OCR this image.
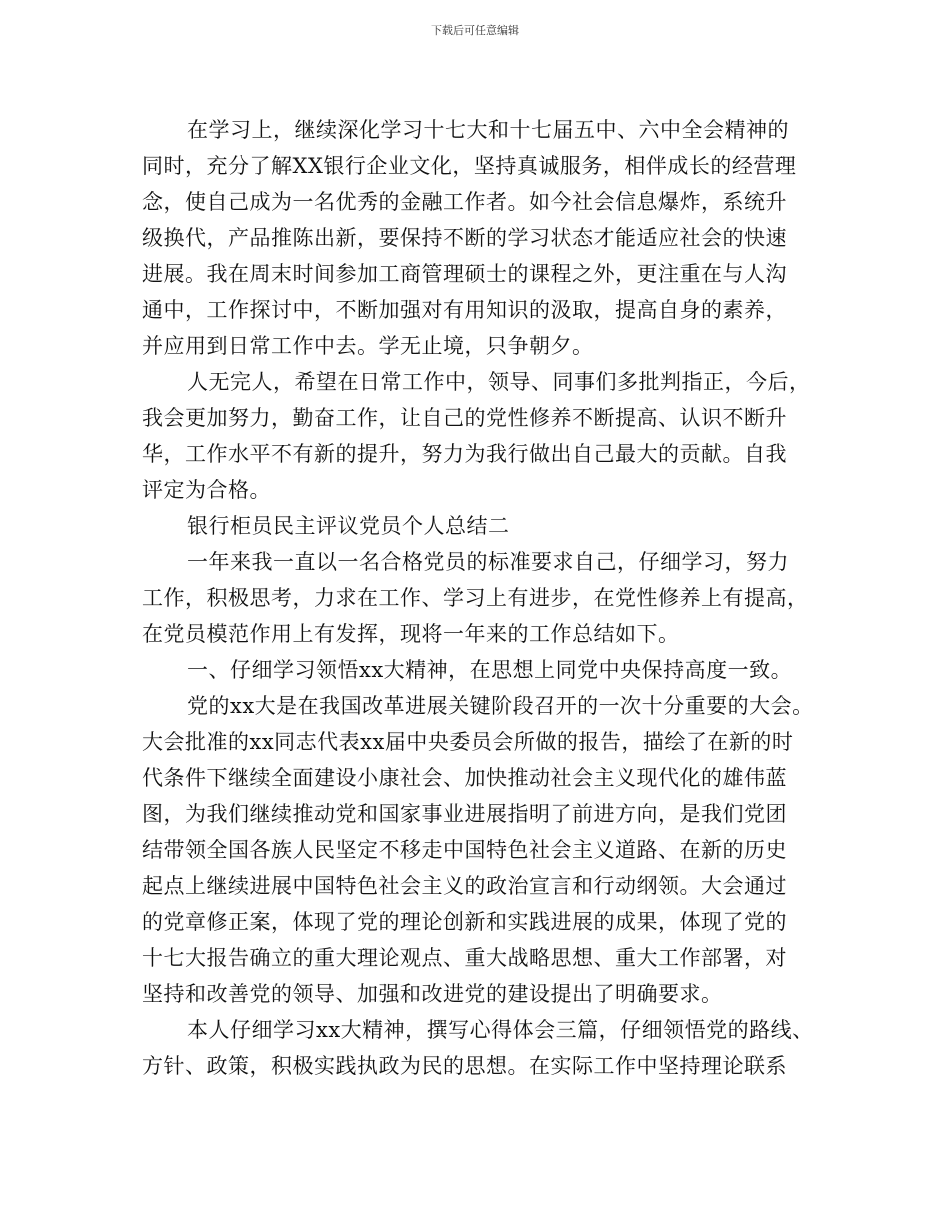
下载后可任意编辑
在学习上，继续深化学习十七大和十七届五中、六中全会精神的
同时，充分了解XX银行企业文化，坚持真诚服务，相伴成长的经营理
念，使自己成为一名优秀的金融工作者。如今社会信息爆炸，系统升
级换代，产品推陈出新，要保持不断的学习状态才能适应社会的快速
进展。我在周末时间参加工商管理硕士的课程之外，更注重在与人沟
通中，工作探讨中，不断加强对有用知识的汲取，提高自身的素养，
并应用到日常工作中去。学无止境，只争朝夕。
人无完人，希望在日常工作中，领导、同事们多批判指正，今后，
我会更加努力，勤奋工作，让自己的党性修养不断提高、认识不断升
华，工作水平不有新的提升，努力为我行做出自己最大的贡献。自我
评定为合格。
银行柜员民主评议党员个人总结二
一年来我一直以一名合格党员的标准要求自己，仔细学习，努力
工作，积极思考，力求在工作、学习上有进步，在党性修养上有提高，
在党员模范作用上有发挥，现将一年来的工作总结如下。
一、仔细学习领悟xx大精神，在思想上同党中央保持高度一致。
党的xx大是在我国改革进展关键阶段召开的一次十分重要的大会。
大会批准的xx同志代表xx届中央委员会所做的报告，描绘了在新的时
代条件下继续全面建设小康社会、加快推动社会主义现代化的雄伟蓝
图，为我们继续推动党和国家事业进展指明了前进方向，是我们党团
结带领全国各族人民坚定不移走中国特色社会主义道路、在新的历史
起点上继续进展中国特色社会主义的政治宣言和行动纲领。大会通过
的党章修正案，体现了党的理论创新和实践进展的成果，体现了党的
十七大报告确立的重大理论观点、重大战略思想、重大工作部署，对
坚持和改善党的领导、加强和改进党的建设提出了明确要求。
本人仔细学习xx大精神，撰写心得体会三篇，仔细领悟党的路线、
方针、政策，积极实践执政为民的思想。在实际工作中坚持理论联系
